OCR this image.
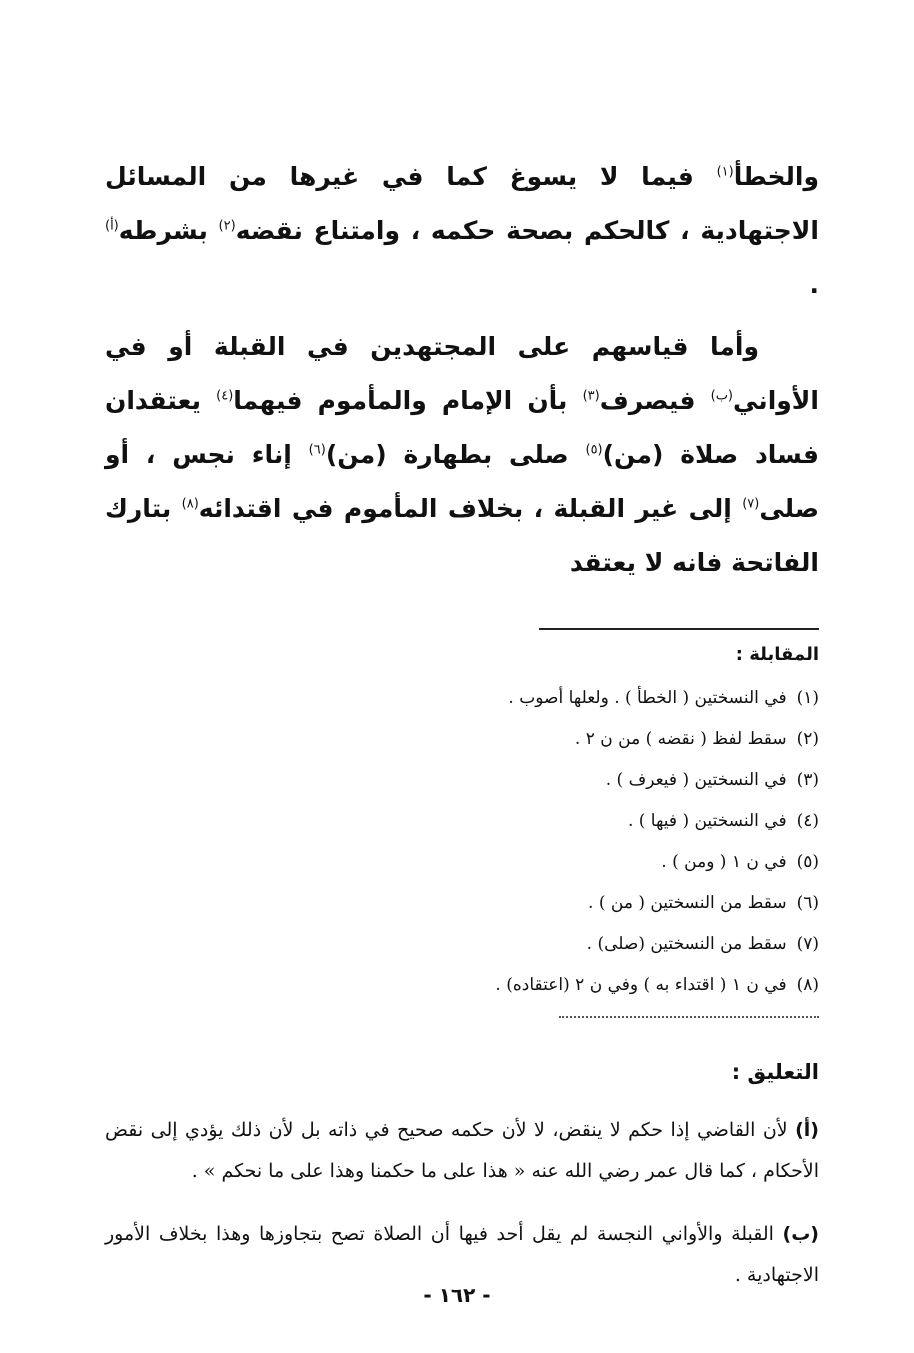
والخطأ$^{(١)}$ فيما لا يسوغ كما في غيرها من المسائل الاجتهادية ، كالحكم بصحة حكمه ، وامتناع نقضه$^{(٢)}$ بشرطه$^{(أ)}$ .

وأما قياسهم على المجتهدين في القبلة أو في الأواني$^{(ب)}$ فيصرف$^{(٣)}$ بأن الإمام والمأموم فيهما$^{(٤)}$ يعتقدان فساد صلاة (من)$^{(٥)}$ صلى بطهارة (من)$^{(٦)}$ إناء نجس ، أو صلى$^{(٧)}$ إلى غير القبلة ، بخلاف المأموم في اقتدائه$^{(٨)}$ بتارك الفاتحة فانه لا يعتقد

المقابلة :
(١)في النسختين ( الخطأ ) . ولعلها أصوب .
(٢)سقط لفظ ( نقضه ) من ن ٢ .
(٣)في النسختين ( فيعرف ) .
(٤)في النسختين ( فيها ) .
(٥)في ن ١ ( ومن ) .
(٦)سقط من النسختين ( من ) .
(٧)سقط من النسختين (صلى) .
(٨)في ن ١ ( اقتداء به ) وفي ن ٢ (اعتقاده) .
التعليق :

(أ) لأن القاضي إذا حكم لا ينقض، لا لأن حكمه صحيح في ذاته بل لأن ذلك يؤدي إلى نقض الأحكام ، كما قال عمر رضي الله عنه « هذا على ما حكمنا وهذا على ما نحكم » .

(ب) القبلة والأواني النجسة لم يقل أحد فيها أن الصلاة تصح بتجاوزها وهذا بخلاف الأمور الاجتهادية .

- ١٦٢ -
